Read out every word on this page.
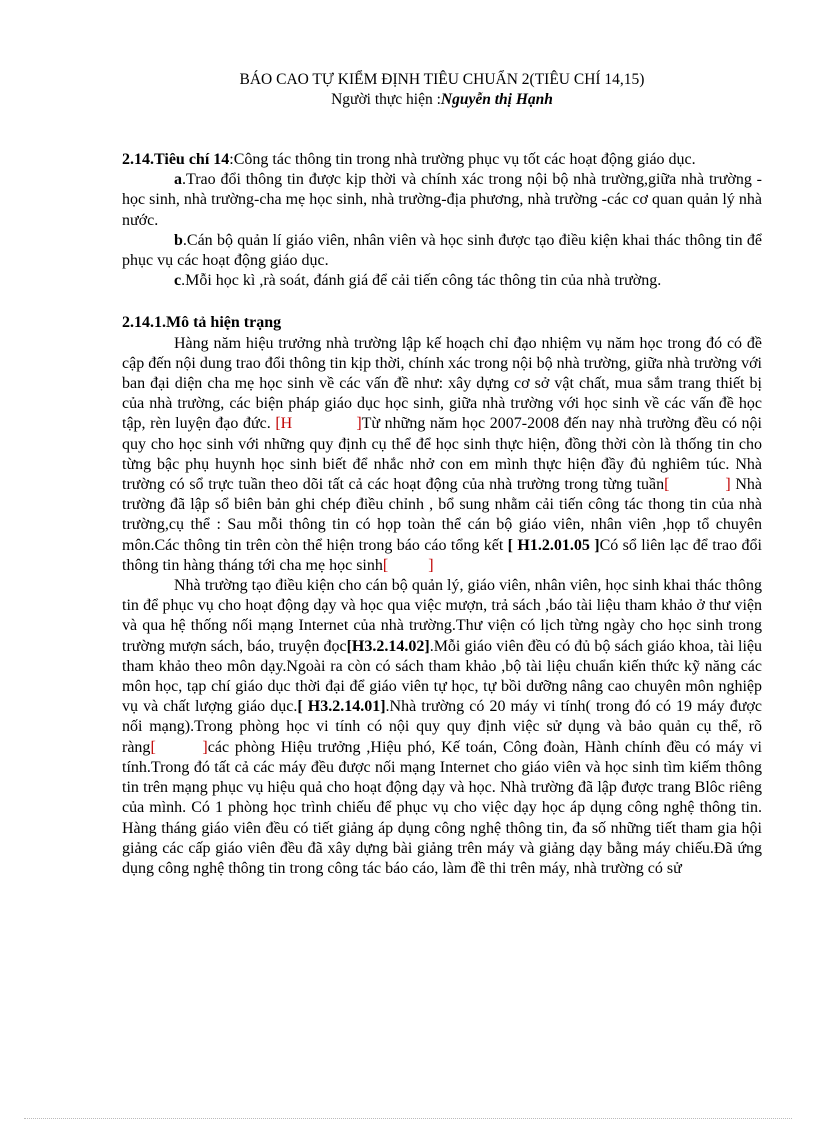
BÁO CAO TỰ KIỂM ĐỊNH TIÊU CHUẨN 2(TIÊU CHÍ 14,15)
Người thực hiện :Nguyễn thị Hạnh

2.14.Tiêu chí 14:Công tác thông tin trong nhà trường phục vụ tốt các hoạt động giáo dục.

a.Trao đổi thông tin được kịp thời và chính xác trong nội bộ nhà trường,giữa nhà trường -học sinh, nhà trường-cha mẹ học sinh, nhà trường-địa phương, nhà trường -các cơ quan quản lý nhà nước.

b.Cán bộ quản lí giáo viên, nhân viên và học sinh được tạo điều kiện khai thác thông tin để phục vụ các hoạt động giáo dục.

c.Mỗi học kì ,rà soát, đánh giá để cải tiến công tác thông tin của nhà trường.

2.14.1.Mô tả hiện trạng

Hàng năm hiệu trưởng nhà trường lập kế hoạch chỉ đạo nhiệm vụ năm học trong đó có đề cập đến nội dung trao đổi thông tin kịp thời, chính xác trong nội bộ nhà trường, giữa nhà trường với ban đại diện cha mẹ học sinh về các vấn đề như: xây dựng cơ sở vật chất, mua sắm trang thiết bị của nhà trường, các biện pháp giáo dục học sinh, giữa nhà trường với học sinh về các vấn đề học tập, rèn luyện đạo đức. [H              ]Từ những năm học 2007-2008 đến nay nhà trường đều có nội quy cho học sinh với những quy định cụ thể để học sinh thực hiện, đồng thời còn là thống tin cho từng bậc phụ huynh học sinh biết để nhắc nhở con em mình thực hiện đầy đủ nghiêm túc. Nhà trường có sổ trực tuần theo dõi tất cả các hoạt động của nhà trường trong từng tuần[            ] Nhà trường đã lập sổ biên bản ghi chép điều chỉnh , bổ sung nhằm cải tiến công tác thong tin của nhà trường,cụ thể : Sau mỗi thông tin có họp toàn thể cán bộ giáo viên, nhân viên ,họp tổ chuyên môn.Các thông tin trên còn thể hiện trong báo cáo tổng kết [ H1.2.01.05 ]Có sổ liên lạc để trao đổi thông tin hàng tháng tới cha mẹ học sinh[          ]

Nhà trường tạo điều kiện cho cán bộ quản lý, giáo viên, nhân viên, học sinh khai thác thông tin để phục vụ cho hoạt động dạy và học qua việc mượn, trả sách ,báo tài liệu tham khảo ở thư viện và qua hệ thống nối mạng Internet của nhà trường.Thư viện có lịch từng ngày cho học sinh trong trường mượn sách, báo, truyện đọc[H3.2.14.02].Mỗi giáo viên đều có đủ bộ sách giáo khoa, tài liệu tham khảo theo môn dạy.Ngoài ra còn có sách tham khảo ,bộ tài liệu chuẩn kiến thức kỹ năng các môn học, tạp chí giáo dục thời đại để giáo viên tự học, tự bồi dưỡng nâng cao chuyên môn nghiệp vụ và chất lượng giáo dục.[ H3.2.14.01].Nhà trường có 20 máy vi tính( trong đó có 19 máy được nối mạng).Trong phòng học vi tính có nội quy quy định việc sử dụng và bảo quản cụ thể, rõ ràng[        ]các phòng Hiệu trưởng ,Hiệu phó, Kế toán, Công đoàn, Hành chính đều có máy vi tính.Trong đó tất cả các máy đều được nối mạng Internet cho giáo viên và học sinh tìm kiếm thông tin trên mạng phục vụ hiệu quả cho hoạt động dạy và học. Nhà trường đã lập được trang Blôc riêng của mình. Có 1 phòng học trình chiếu để phục vụ cho việc dạy học áp dụng công nghệ thông tin. Hàng tháng giáo viên đều có tiết giảng áp dụng công nghệ thông tin, đa số những tiết tham gia hội giảng các cấp giáo viên đều đã xây dựng bài giảng trên máy và giảng dạy bằng máy chiếu.Đã ứng dụng công nghệ thông tin trong công tác báo cáo, làm đề thi trên máy, nhà trường có sử
